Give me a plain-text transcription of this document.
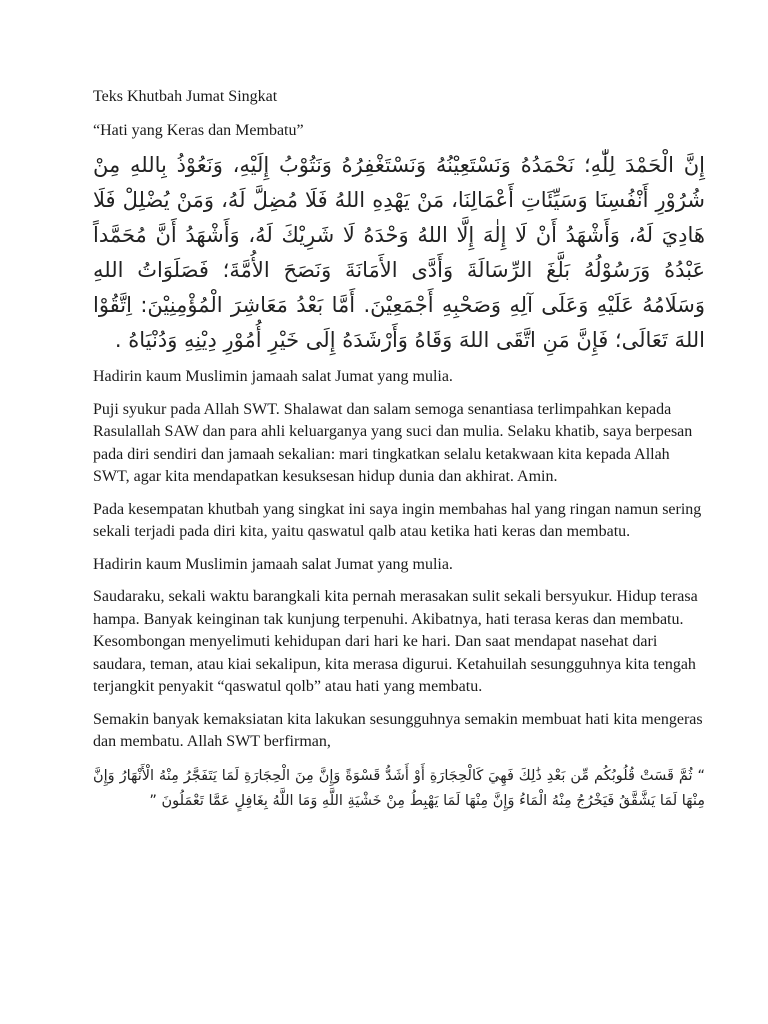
Teks Khutbah Jumat Singkat

“Hati yang Keras dan Membatu”

إِنَّ الْحَمْدَ لِلّٰهِ؛ نَحْمَدُهُ وَنَسْتَعِيْنُهُ وَنَسْتَغْفِرُهُ وَنَتُوْبُ إِلَيْهِ، وَنَعُوْذُ بِاللهِ مِنْ شُرُوْرِ أَنْفُسِنَا وَسَيِّئَاتِ أَعْمَالِنَا، مَنْ يَهْدِهِ اللهُ فَلَا مُضِلَّ لَهُ، وَمَنْ يُضْلِلْ فَلَا هَادِيَ لَهُ، وَأَشْهَدُ أَنْ لَا إِلٰهَ إِلَّا اللهُ وَحْدَهُ لَا شَرِيْكَ لَهُ، وَأَشْهَدُ أَنَّ مُحَمَّداً عَبْدُهُ وَرَسُوْلُهُ بَلَّغَ الرِّسَالَةَ وَأَدَّى الأَمَانَةَ وَنَصَحَ الأُمَّةَ؛ فَصَلَوَاتُ اللهِ وَسَلَامُهُ عَلَيْهِ وَعَلَى آلِهِ وَصَحْبِهِ أَجْمَعِيْنَ. أَمَّا بَعْدُ مَعَاشِرَ الْمُؤْمِنِيْنَ: اِتَّقُوْا اللهَ تَعَالَى؛ فَإِنَّ مَنِ اتَّقَى اللهَ وَقَاهُ وَأَرْشَدَهُ إِلَى خَيْرِ أُمُوْرِ دِيْنِهِ وَدُنْيَاهُ .

Hadirin kaum Muslimin jamaah salat Jumat yang mulia.

Puji syukur pada Allah SWT. Shalawat dan salam semoga senantiasa terlimpahkan kepada Rasulallah SAW dan para ahli keluarganya yang suci dan mulia. Selaku khatib, saya berpesan pada diri sendiri dan jamaah sekalian: mari tingkatkan selalu ketakwaan kita kepada Allah SWT, agar kita mendapatkan kesuksesan hidup dunia dan akhirat. Amin.

Pada kesempatan khutbah yang singkat ini saya ingin membahas hal yang ringan namun sering sekali terjadi pada diri kita, yaitu qaswatul qalb atau ketika hati keras dan membatu.

Hadirin kaum Muslimin jamaah salat Jumat yang mulia.

Saudaraku, sekali waktu barangkali kita pernah merasakan sulit sekali bersyukur. Hidup terasa hampa. Banyak keinginan tak kunjung terpenuhi. Akibatnya, hati terasa keras dan membatu. Kesombongan menyelimuti kehidupan dari hari ke hari. Dan saat mendapat nasehat dari saudara, teman, atau kiai sekalipun, kita merasa digurui. Ketahuilah sesungguhnya kita tengah terjangkit penyakit “qaswatul qolb” atau hati yang membatu.

Semakin banyak kemaksiatan kita lakukan sesungguhnya semakin membuat hati kita mengeras dan membatu. Allah SWT berfirman,

“ ثُمَّ قَسَتْ قُلُوبُكُم مِّن بَعْدِ ذَٰلِكَ فَهِيَ كَالْحِجَارَةِ أَوْ أَشَدُّ قَسْوَةً وَإِنَّ مِنَ الْحِجَارَةِ لَمَا يَتَفَجَّرُ مِنْهُ الْأَنْهَارُ وَإِنَّ مِنْهَا لَمَا يَشَّقَّقُ فَيَخْرُجُ مِنْهُ الْمَاءُ وَإِنَّ مِنْهَا لَمَا يَهْبِطُ مِنْ خَشْيَةِ اللَّهِ وَمَا اللَّهُ بِغَافِلٍ عَمَّا تَعْمَلُونَ ”
